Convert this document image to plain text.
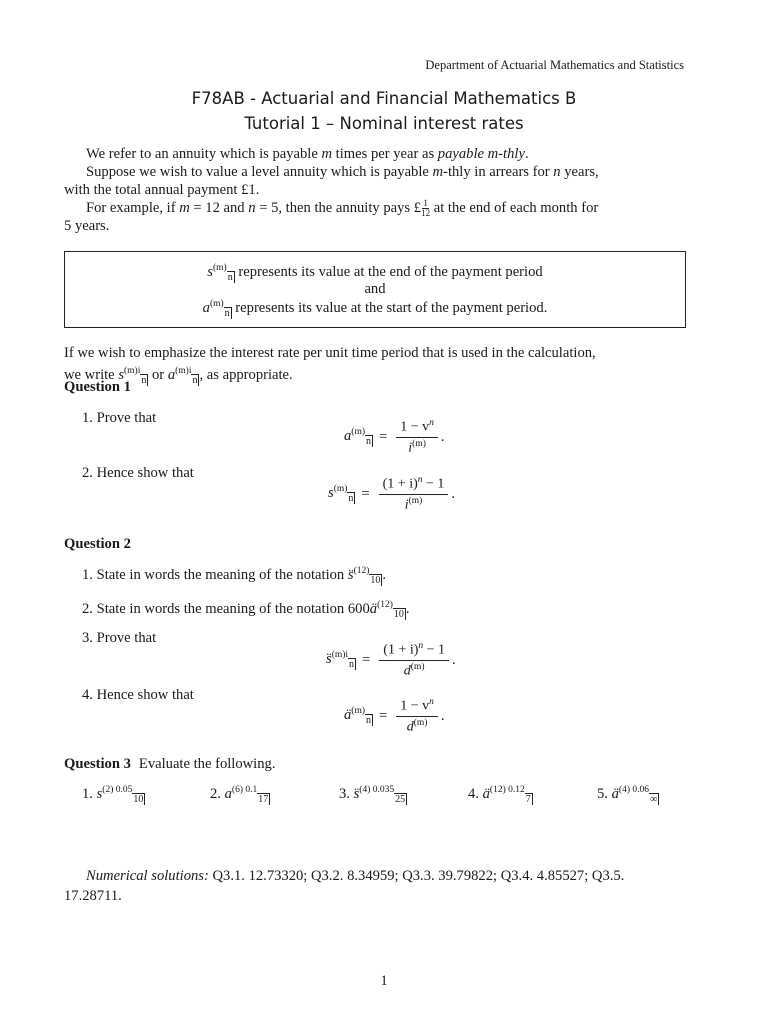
Department of Actuarial Mathematics and Statistics
F78AB - Actuarial and Financial Mathematics B
Tutorial 1 – Nominal interest rates
We refer to an annuity which is payable m times per year as payable m-thly.
Suppose we wish to value a level annuity which is payable m-thly in arrears for n years,
with the total annual payment £1.
For example, if m = 12 and n = 5, then the annuity pays £ $\frac{1}{12}$ at the end of each month for
5 years.
$s^{(m)}_n$ represents its value at the end of the payment period
and
$a^{(m)}_n$ represents its value at the start of the payment period.
If we wish to emphasize the interest rate per unit time period that is used in the calculation,
we write $s^{(m)i}_n$ or $a^{(m)i}_n$ , as appropriate.
Question 1
1. Prove that
$a^{(m)}_n = \frac{1 - v^n}{i^{(m)}}$ .
2. Hence show that
$s^{(m)}_n = \frac{(1 + i)^n - 1}{i^{(m)}}$ .
Question 2
1. State in words the meaning of the notation s̈$^{(12)}_{10}$ .
2. State in words the meaning of the notation 600ä$^{(12)}_{10}$ .
3. Prove that
s̈$^{(m)i}_n$ = $\frac{(1 + i)^n - 1}{d^{(m)}}$ .
4. Hence show that
ä$^{(m)}_n$ = $\frac{1 - v^n}{d^{(m)}}$ .
Question 3 Evaluate the following.
1. $s^{(2) 0.05}_{10}$	2. $a^{(6) 0.1}_{17}$	3. s̈$^{(4) 0.035}_{25}$	4. ä$^{(12) 0.12}_7$	5. ä$^{(4) 0.06}_\infty$
Numerical solutions: Q3.1. 12.73320; Q3.2. 8.34959; Q3.3. 39.79822; Q3.4. 4.85527; Q3.5.
17.28711.
1
